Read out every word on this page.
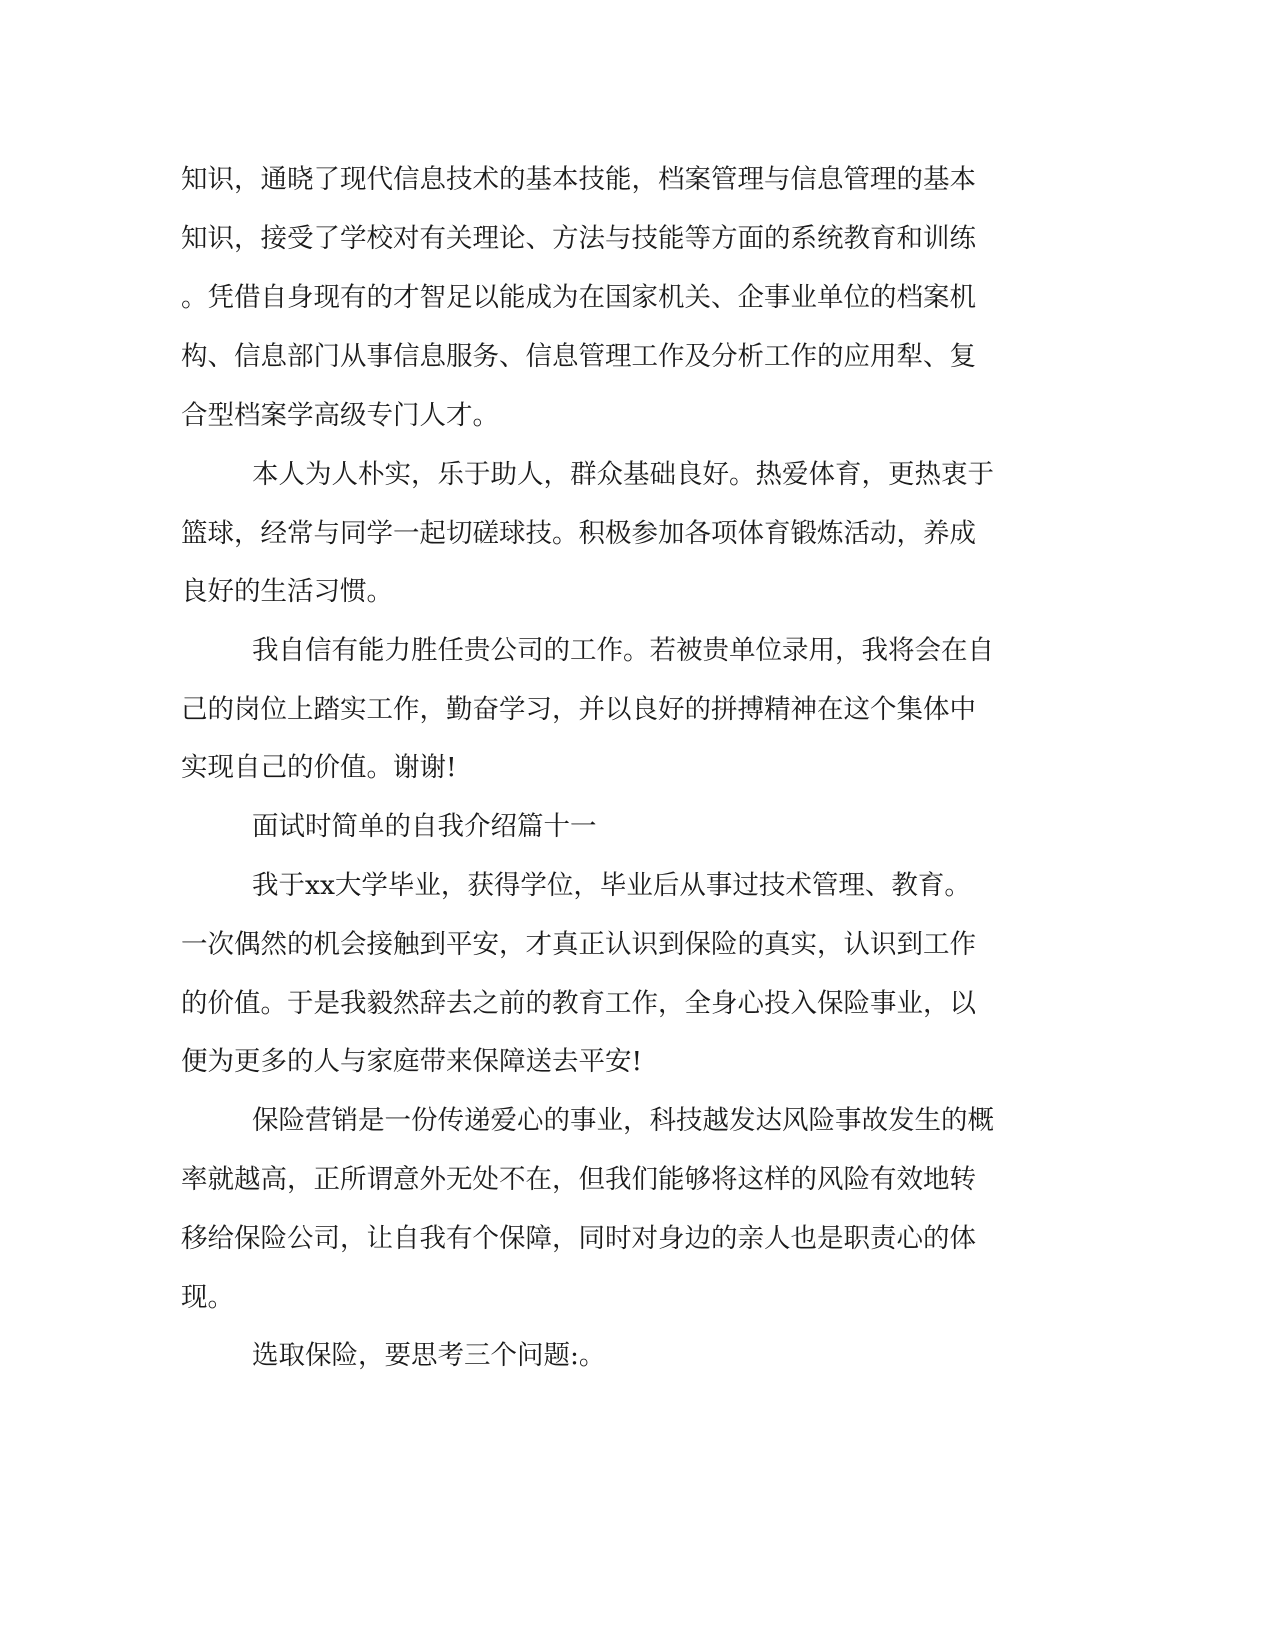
知识，通晓了现代信息技术的基本技能，档案管理与信息管理的基本

知识，接受了学校对有关理论、方法与技能等方面的系统教育和训练

。凭借自身现有的才智足以能成为在国家机关、企事业单位的档案机

构、信息部门从事信息服务、信息管理工作及分析工作的应用犁、复

合型档案学高级专门人才。

本人为人朴实，乐于助人，群众基础良好。热爱体育，更热衷于

篮球，经常与同学一起切磋球技。积极参加各项体育锻炼活动，养成

良好的生活习惯。

我自信有能力胜任贵公司的工作。若被贵单位录用，我将会在自

己的岗位上踏实工作，勤奋学习，并以良好的拼搏精神在这个集体中

实现自己的价值。谢谢!

面试时简单的自我介绍篇十一

我于xx大学毕业，获得学位，毕业后从事过技术管理、教育。

一次偶然的机会接触到平安，才真正认识到保险的真实，认识到工作

的价值。于是我毅然辞去之前的教育工作，全身心投入保险事业，以

便为更多的人与家庭带来保障送去平安!

保险营销是一份传递爱心的事业，科技越发达风险事故发生的概

率就越高，正所谓意外无处不在，但我们能够将这样的风险有效地转

移给保险公司，让自我有个保障，同时对身边的亲人也是职责心的体

现。

选取保险，要思考三个问题:。
